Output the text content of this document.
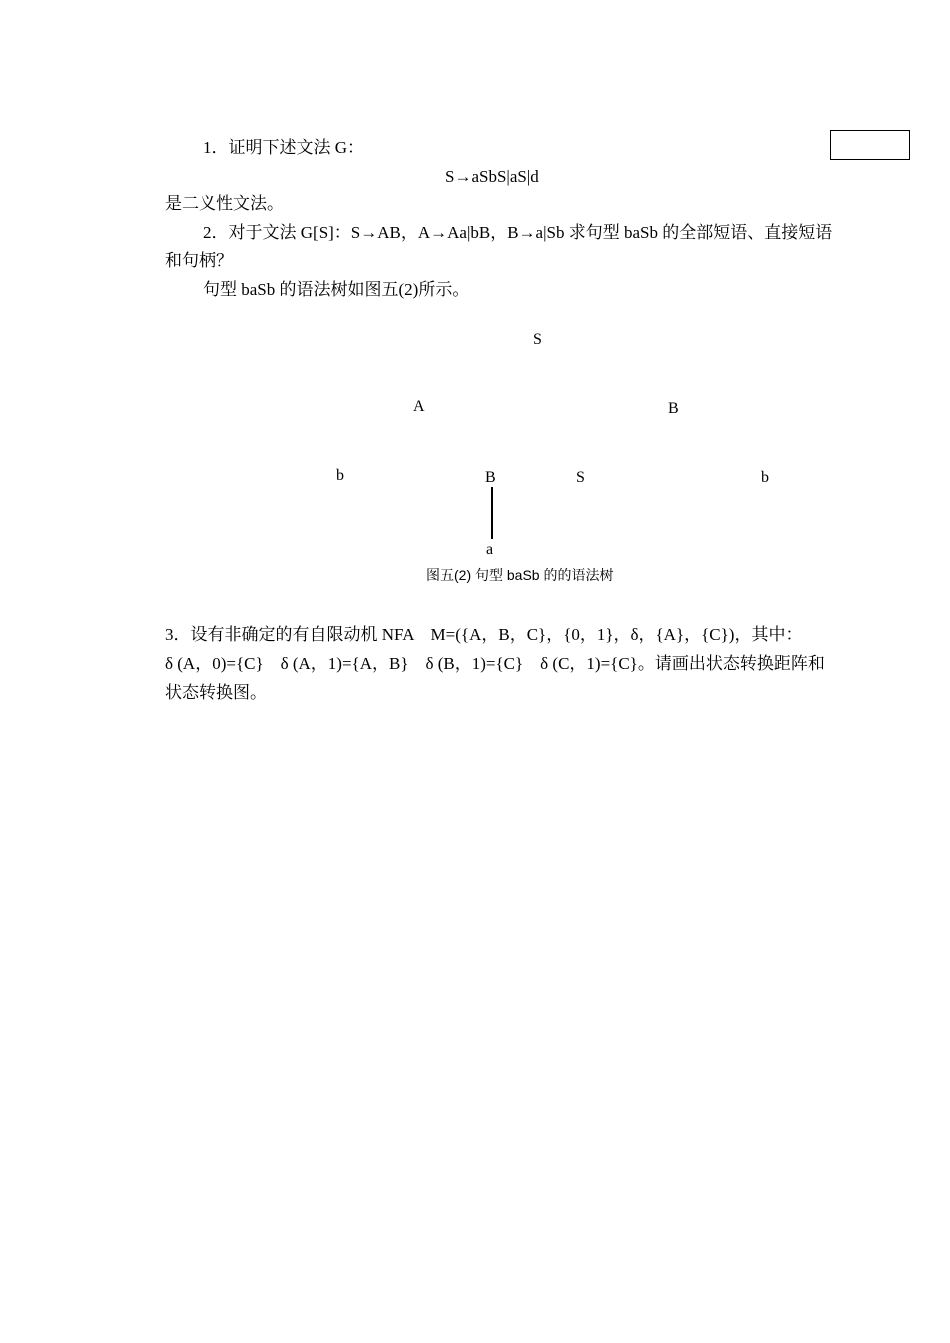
1．证明下述文法 G：
S→aSbS|aS|d
是二义性文法。
2．对于文法 G[S]：S→AB，A→Aa|bB，B→a|Sb 求句型 baSb 的全部短语、直接短语
和句柄？
句型 baSb 的语法树如图五(2)所示。
S
A	B
b	B	S	b
a
图五(2) 句型 baSb 的的语法树
3．设有非确定的有自限动机 NFA　M=({A，B，C}，{0，1}，δ，{A}，{C})，其中：
δ (A，0)={C}　δ (A，1)={A，B}　δ (B，1)={C}　δ (C，1)={C}。请画出状态转换距阵和
状态转换图。
